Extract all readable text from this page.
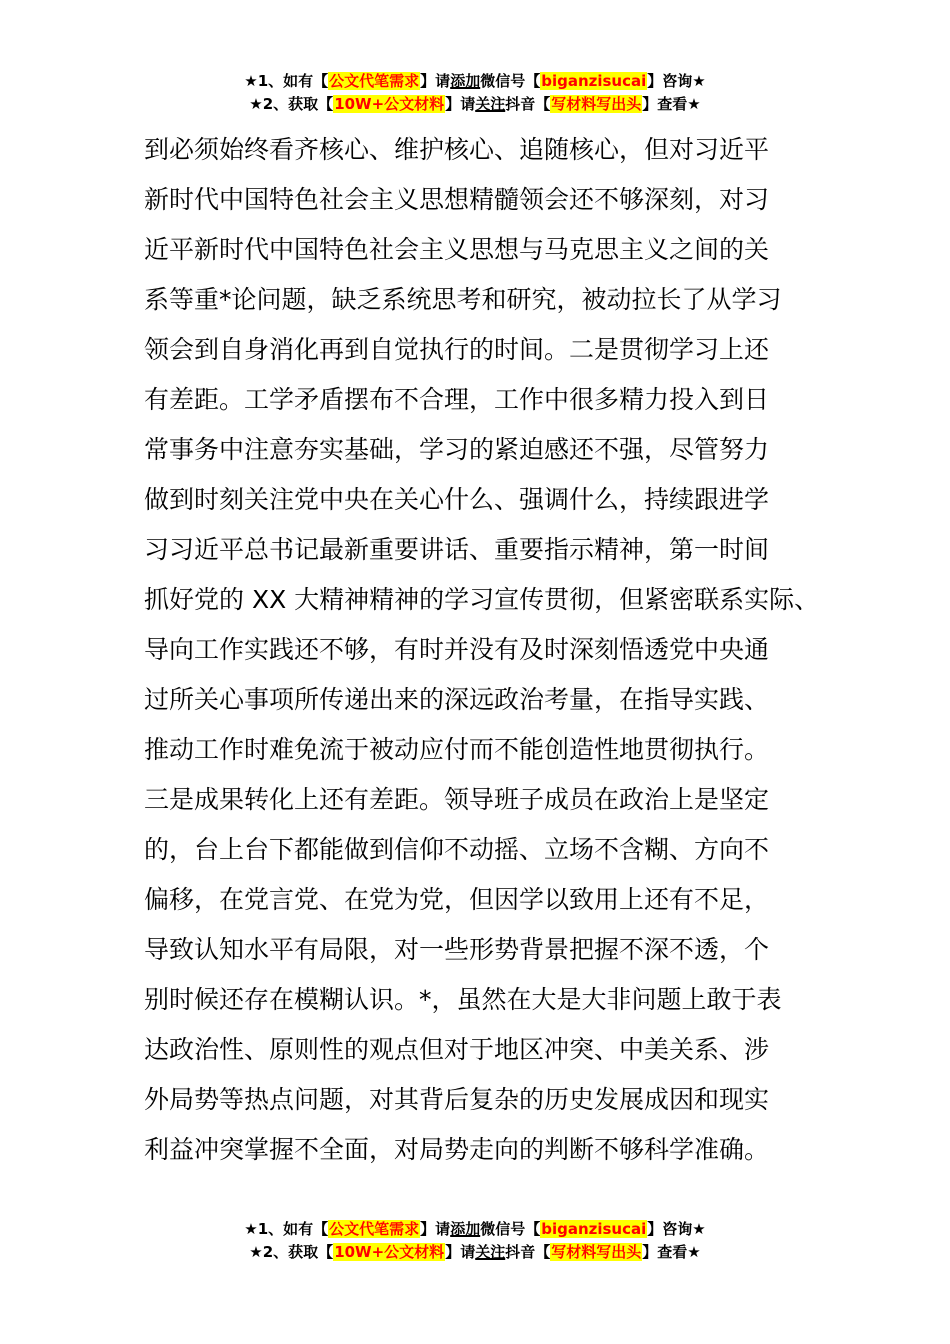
★1、如有【公文代笔需求】请添加微信号【biganzisucai】咨询★
★2、获取【10W+公文材料】请关注抖音【写材料写出头】查看★
到必须始终看齐核心、维护核心、追随核心，但对习近平
新时代中国特色社会主义思想精髓领会还不够深刻，对习
近平新时代中国特色社会主义思想与马克思主义之间的关
系等重*论问题，缺乏系统思考和研究，被动拉长了从学习
领会到自身消化再到自觉执行的时间。二是贯彻学习上还
有差距。工学矛盾摆布不合理，工作中很多精力投入到日
常事务中注意夯实基础，学习的紧迫感还不强，尽管努力
做到时刻关注党中央在关心什么、强调什么，持续跟进学
习习近平总书记最新重要讲话、重要指示精神，第一时间
抓好党的 XX 大精神精神的学习宣传贯彻，但紧密联系实际、
导向工作实践还不够，有时并没有及时深刻悟透党中央通
过所关心事项所传递出来的深远政治考量，在指导实践、
推动工作时难免流于被动应付而不能创造性地贯彻执行。
三是成果转化上还有差距。领导班子成员在政治上是坚定
的，台上台下都能做到信仰不动摇、立场不含糊、方向不
偏移，在党言党、在党为党，但因学以致用上还有不足，
导致认知水平有局限，对一些形势背景把握不深不透，个
别时候还存在模糊认识。*，虽然在大是大非问题上敢于表
达政治性、原则性的观点但对于地区冲突、中美关系、涉
外局势等热点问题，对其背后复杂的历史发展成因和现实
利益冲突掌握不全面，对局势走向的判断不够科学准确。
★1、如有【公文代笔需求】请添加微信号【biganzisucai】咨询★
★2、获取【10W+公文材料】请关注抖音【写材料写出头】查看★
